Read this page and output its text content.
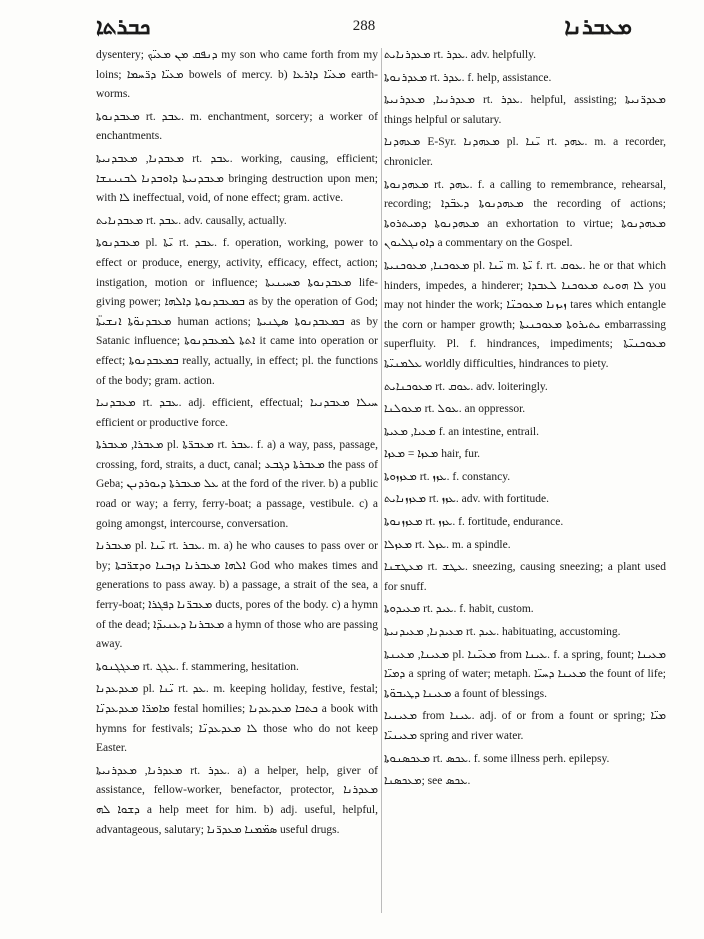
ܟܒܪܬܐ	288	ܡܥܒܪܢܐ

dysentery; ܕܢܦܩ ܡܢ ܡܥܝ̈ܟ my son who came forth from my loins; ܡܥܝ̈ܐ ܕܪ̈ܚܡܐ bowels of mercy. b) ܡܥܝ̈ܐ ܕܐܪܥܐ earth-worms.

ܡܥܒܕܢܘܬܐ rt. ܥܒܕ. m. enchantment, sorcery; a worker of enchantments.

ܡܥܒܕܢܐ, ܡܥܒܕܢܝܬܐ rt. ܥܒܕ. working, causing, efficient; ܡܥܒܕܢܝܬܐ ܕܐܘܒܕܢܐ ܠܒܢܝܢܫܐ bringing destruction upon men; with ܠܐ ineffectual, void, of none effect; gram. active.

ܡܥܒܕܢܐܝܬ rt. ܥܒܕ. adv. causally, actually.

ܡܥܒܕܢܘܬܐ pl. ܝ̈ܬܐ rt. ܥܒܕ. f. operation, working, power to effect or produce, energy, activity, efficacy, effect, action; instigation, motion or influence; ܡܥܒܕܢܘܬܐ ܡܚܝܢܝܬܐ life-giving power; ܒܡܥܒܕܢܘܬܐ ܕܐܠܗܐ as by the operation of God; ܡܥܒܕܢܘ̈ܬܐ ܐܢܫܝܬ̈ܐ human actions; ܒܡܥܒܕܢܘܬܐ ܣܛܢܝܬܐ as by Satanic influence; ܐܬܬܐ ܠܡܥܒܕܢܘܬܐ it came into operation or effect; ܒܡܥܒܕܢܘܬܐ really, actually, in effect; pl. the functions of the body; gram. action.

ܡܥܒܕܢܝܐ rt. ܥܒܕ. adj. efficient, effectual; ܚܝܠܐ ܡܥܒܕܢܝܐ efficient or productive force.

ܡܥܒܪܐ, ܡܥܒܪܬܐ pl. ܡܥܒܪ̈ܬܐ rt. ܥܒܪ. f. a) a way, pass, passage, crossing, ford, straits, a duct, canal; ܡܥܒܪܬܐ ܕܓܒܥ the pass of Geba; ܥܠ ܡܥܒܪܬܐ ܕܝܘܪܕܢܢ at the ford of the river. b) a public road or way; a ferry, ferry-boat; a passage, vestibule. c) a going amongst, intercourse, conversation.

ܡܥܒܪܢܐ pl. ܝ̈ܢܐ rt. ܥܒܪ. m. a) he who causes to pass over or by; ܐܠܗܐ ܡܥܒܪܢܐ ܕܙܒܢܐ ܘܕܫܪ̈ܒܬܐ God who makes times and generations to pass away. b) a passage, a strait of the sea, a ferry-boat; ܡܥܒܪ̈ܢܐ ܕܦܓܪܐ ducts, pores of the body. c) a hymn of the dead; ܡܥܒܪܢܐ ܕܥܢܝܕ̈ܐ a hymn of those who are passing away.

ܡܥܓܓܢܘܬܐ rt. ܥܓܓ. f. stammering, hesitation.

ܡܥܕܥܕܢܐ pl. ܝ̈ܢܐ rt. ܥܕ. m. keeping holiday, festive, festal; ܡܐܡܪ̈ܐ ܡܥܕܥܕܢ̈ܐ festal homilies; ܟܬܒܐ ܡܥܕܥܕܢܐ a book with hymns for festivals; ܠܐ ܡܥܕܥܕܢ̈ܐ those who do not keep Easter.

ܡܥܕܪܢܐ, ܡܥܕܪܢܝܬܐ rt. ܥܕܪ. a) a helper, help, giver of assistance, fellow-worker, benefactor, protector, ܡܥܕܪܢܐ ܕܫܘܐ ܠܗ a help meet for him. b) adj. useful, helpful, advantageous, salutary; ܣܡ̈ܡܢܐ ܡܥܕܪ̈ܢܐ useful drugs.

ܡܥܕܪܢܐܝܬ rt. ܥܕܪ. adv. helpfully.

ܡܥܕܪܢܘܬܐ rt. ܥܕܪ. f. help, assistance.

ܡܥܕܪܢܝܐ, ܡܥܕܪܢܝܬܐ rt. ܥܕܪ. helpful, assisting; ܡܥܕܪ̈ܢܝܬܐ things helpful or salutary.

ܡܥܗܕܢܐ E-Syr. ܡܥܗܕܢܐ pl. ܝ̈ܢܐ rt. ܥܗܕ. m. a recorder, chronicler.

ܡܥܗܕܢܘܬܐ rt. ܥܗܕ. f. a calling to remembrance, rehearsal, recording; ܡܥܗܕܢܘܬܐ ܕܥܒ̈ܕܐ the recording of actions; ܡܥܗܕܢܘܬܐ ܕܡܝܬܪܘܬܐ an exhortation to virtue; ܡܥܗܕܢܘܬܐ ܕܐܘܢܓܠܝܘܢ a commentary on the Gospel.

ܡܥܘܟܢܐ, ܡܥܘܟܢܝܬܐ pl. ܝ̈ܢܐ m. ܝ̈ܬܐ f. rt. ܥܘܩ. he or that which hinders, impedes, a hinderer; ܠܐ ܗܘܝܬ ܡܥܘܟܢܐ ܠܥܒܕܐ you may not hinder the work; ܙܝܙܢܐ ܡܥܘܟܢ̈ܐ tares which entangle the corn or hamper growth; ܝܬܝܪܘܬܐ ܡܥܘܟܢܝܬܐ embarrassing superfluity. Pl. f. hindrances, impediments; ܡܥܘܟܢܝ̈ܬܐ ܥܠܡܢܝ̈ܬܐ worldly difficulties, hindrances to piety.

ܡܥܘܟܢܐܝܬ rt. ܥܘܩ. adv. loiteringly.

ܡܥܘܠܢܐ rt. ܥܘܠ. an oppressor.

ܡܥܝܐ, ܡܥܝܬܐ f. an intestine, entrail.

ܡܥܙܐ = ܡܥܙܐ hair, fur.

ܡܥܙܙܘܬܐ rt. ܥܙܙ. f. constancy.

ܡܥܙܙܢܐܝܬ rt. ܥܙܙ. adv. with fortitude.

ܡܥܙܙܢܘܬܐ rt. ܥܙܙ. f. fortitude, endurance.

ܡܥܙܠܐ rt. ܥܙܠ. m. a spindle.

ܡܥܛܫܢܐ rt. ܥܛܫ. sneezing, causing sneezing; a plant used for snuff.

ܡܥܝܕܘܬܐ rt. ܥܝܕ. f. habit, custom.

ܡܥܝܕܢܐ, ܡܥܝܕܢܝܬܐ rt. ܥܝܕ. habituating, accustoming.

ܡܥܝܢܐ, ܡܥܝܢܬܐ pl. ܡܥܝ̈ܢܐ from ܥܝܢܐ. f. a spring, fount; ܡܥܝܢܐ ܕܡܝ̈ܐ a spring of water; metaph. ܡܥܝܢܐ ܕܚܝ̈ܐ the fount of life; ܡܥܝܢܐ ܕܛܝܒܘ̈ܬܐ a fount of blessings.

ܡܥܝܢܝܐ from ܥܝܢܐ. adj. of or from a fount or spring; ܡܝ̈ܐ ܡܥܝܢܝ̈ܐ spring and river water.

ܡܥܟܣܢܘܬܐ rt. ܥܟܣ. f. some illness perh. epilepsy.

ܡܥܟܣܢܐ; see ܥܟܣ.
